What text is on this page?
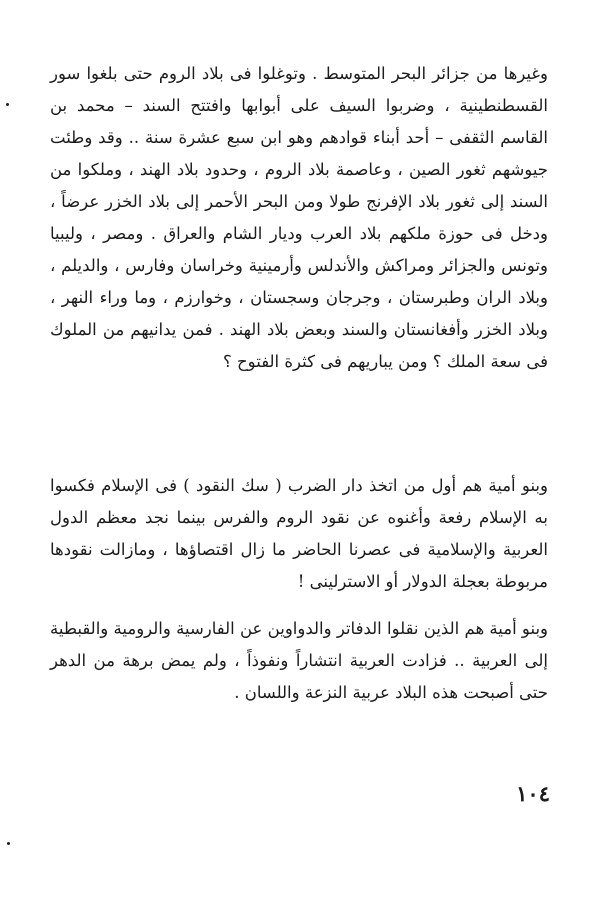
وغيرها من جزائر البحر المتوسط . وتوغلوا فى بلاد الروم حتى بلغوا سور القسطنطينية ، وضربوا السيف على أبوابها وافتتح السند – محمد بن القاسم الثقفى – أحد أبناء قوادهم وهو ابن سبع عشرة سنة .. وقد وطئت جيوشهم ثغور الصين ، وعاصمة بلاد الروم ، وحدود بلاد الهند ، وملكوا من السند إلى ثغور بلاد الإفرنج طولا ومن البحر الأحمر إلى بلاد الخزر عرضاً ، ودخل فى حوزة ملكهم بلاد العرب وديار الشام والعراق . ومصر ، وليبيا وتونس والجزائر ومراكش والأندلس وأرمينية وخراسان وفارس ، والديلم ، وبلاد الران وطبرستان ، وجرجان وسجستان ، وخوارزم ، وما وراء النهر ، وبلاد الخزر وأفغانستان والسند وبعض بلاد الهند . فمن يدانيهم من الملوك فى سعة الملك ؟ ومن يباريهم فى كثرة الفتوح ؟

وبنو أمية هم أول من اتخذ دار الضرب ( سك النقود ) فى الإسلام فكسوا به الإسلام رفعة وأغنوه عن نقود الروم والفرس بينما نجد معظم الدول العربية والإسلامية فى عصرنا الحاضر ما زال اقتصاؤها ، ومازالت نقودها مربوطة بعجلة الدولار أو الاسترلينى !

وبنو أمية هم الذين نقلوا الدفاتر والدواوين عن الفارسية والرومية والقبطية إلى العربية .. فزادت العربية انتشاراً ونفوذاً ، ولم يمض برهة من الدهر حتى أصبحت هذه البلاد عربية النزعة واللسان .

١٠٤
